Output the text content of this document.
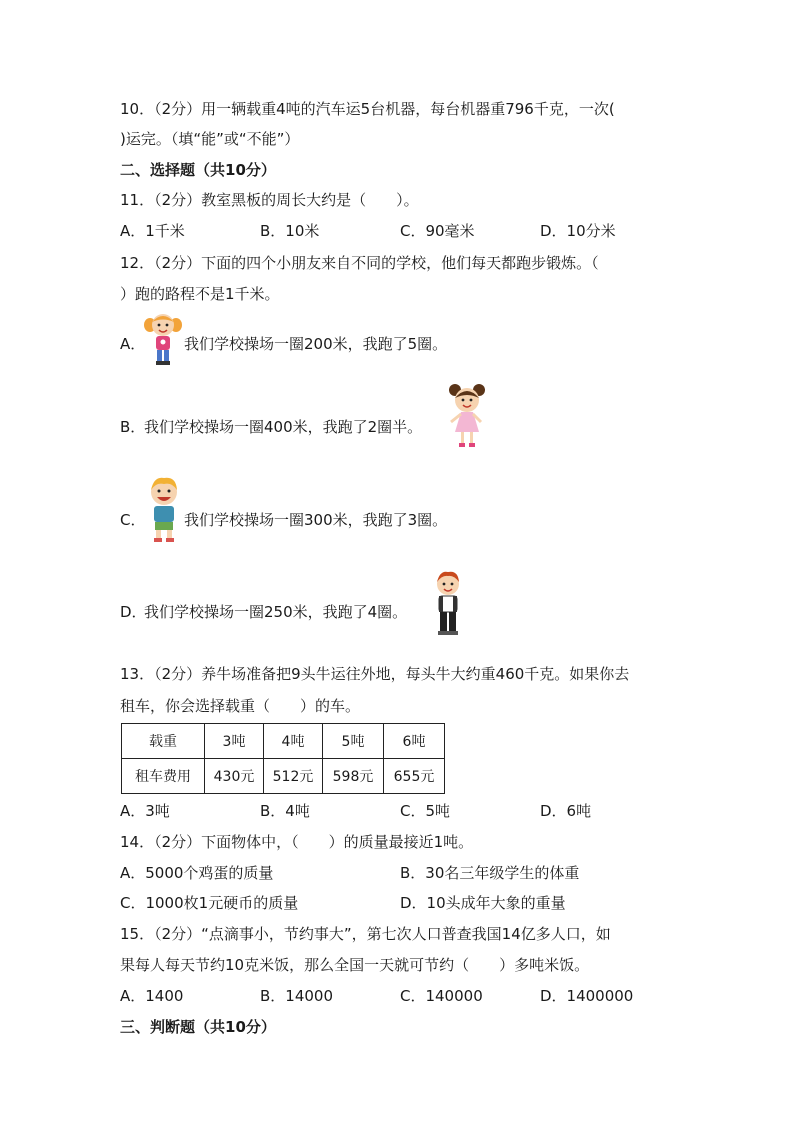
10．（2分）用一辆载重4吨的汽车运5台机器，每台机器重796千克，一次(
)运完。（填“能”或“不能”）
二、选择题（共10分）
11．（2分）教室黑板的周长大约是（　　）。
A．1千米	B．10米	C．90毫米	D．10分米
12．（2分）下面的四个小朋友来自不同的学校，他们每天都跑步锻炼。（
）跑的路程不是1千米。
A．	我们学校操场一圈200米，我跑了5圈。
B．
我们学校操场一圈400米，我跑了2圈半。
C．	我们学校操场一圈300米，我跑了3圈。
D．
我们学校操场一圈250米，我跑了4圈。
13．（2分）养牛场准备把9头牛运往外地，每头牛大约重460千克。如果你去
租车，你会选择载重（　　）的车。
载重	3吨	4吨	5吨	6吨
租车费用	430元	512元	598元	655元
A．3吨	B．4吨	C．5吨	D．6吨
14．（2分）下面物体中，（　　）的质量最接近1吨。
A．5000个鸡蛋的质量	B．30名三年级学生的体重
C．1000枚1元硬币的质量	D．10头成年大象的重量
15．（2分）“点滴事小，节约事大”，第七次人口普查我国14亿多人口，如
果每人每天节约10克米饭，那么全国一天就可节约（　　）多吨米饭。
A．1400	B．14000	C．140000	D．1400000
三、判断题（共10分）
